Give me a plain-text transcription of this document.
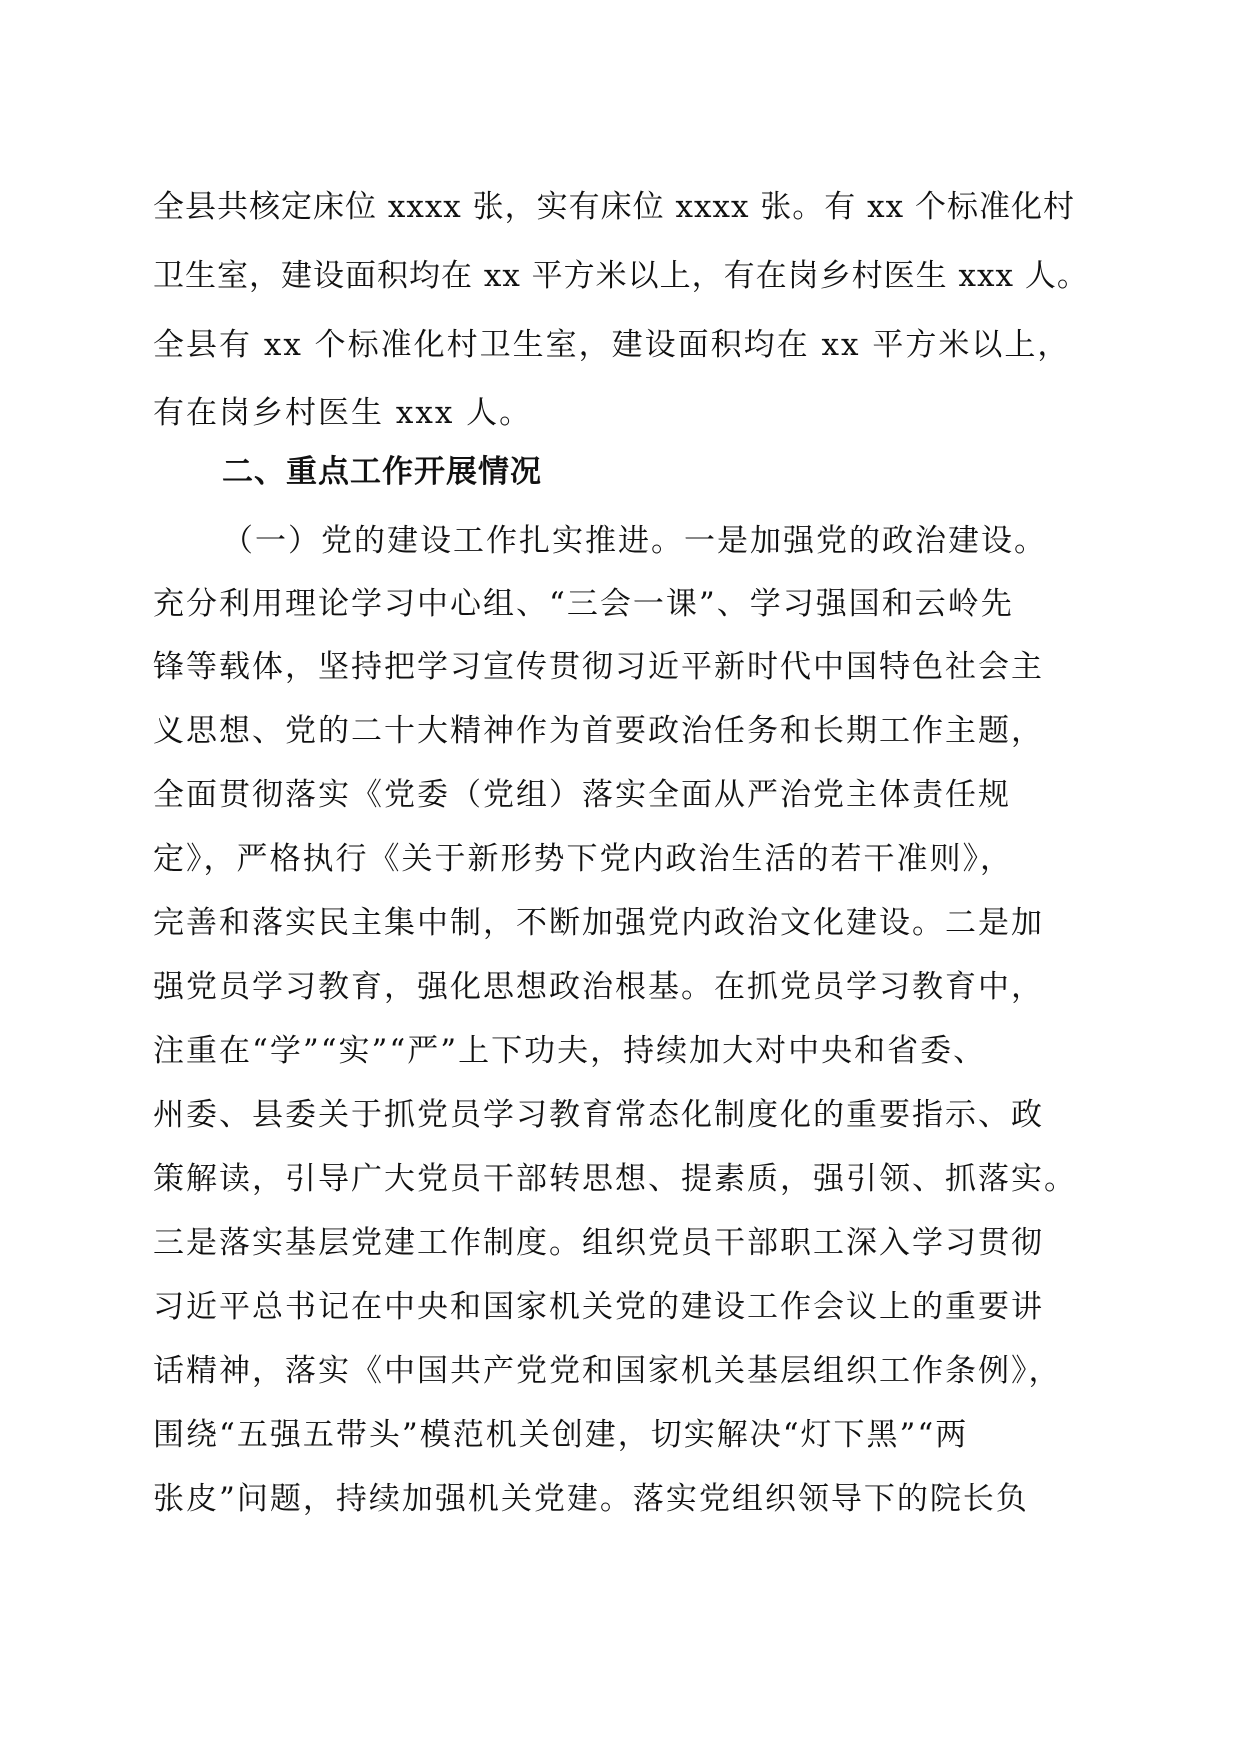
全县共核定床位 xxxx 张，实有床位 xxxx 张。有 xx 个标准化村
卫生室，建设面积均在 xx 平方米以上，有在岗乡村医生 xxx 人。
全县有 xx 个标准化村卫生室，建设面积均在 xx 平方米以上，
有在岗乡村医生 xxx 人。
二、重点工作开展情况
（一）党的建设工作扎实推进。一是加强党的政治建设。
充分利用理论学习中心组、“三会一课”、学习强国和云岭先
锋等载体，坚持把学习宣传贯彻习近平新时代中国特色社会主
义思想、党的二十大精神作为首要政治任务和长期工作主题，
全面贯彻落实《党委（党组）落实全面从严治党主体责任规
定》，严格执行《关于新形势下党内政治生活的若干准则》，
完善和落实民主集中制，不断加强党内政治文化建设。二是加
强党员学习教育，强化思想政治根基。在抓党员学习教育中，
注重在“学”“实”“严”上下功夫，持续加大对中央和省委、
州委、县委关于抓党员学习教育常态化制度化的重要指示、政
策解读，引导广大党员干部转思想、提素质，强引领、抓落实。
三是落实基层党建工作制度。组织党员干部职工深入学习贯彻
习近平总书记在中央和国家机关党的建设工作会议上的重要讲
话精神，落实《中国共产党党和国家机关基层组织工作条例》，
围绕“五强五带头”模范机关创建，切实解决“灯下黑”“两
张皮”问题，持续加强机关党建。落实党组织领导下的院长负
